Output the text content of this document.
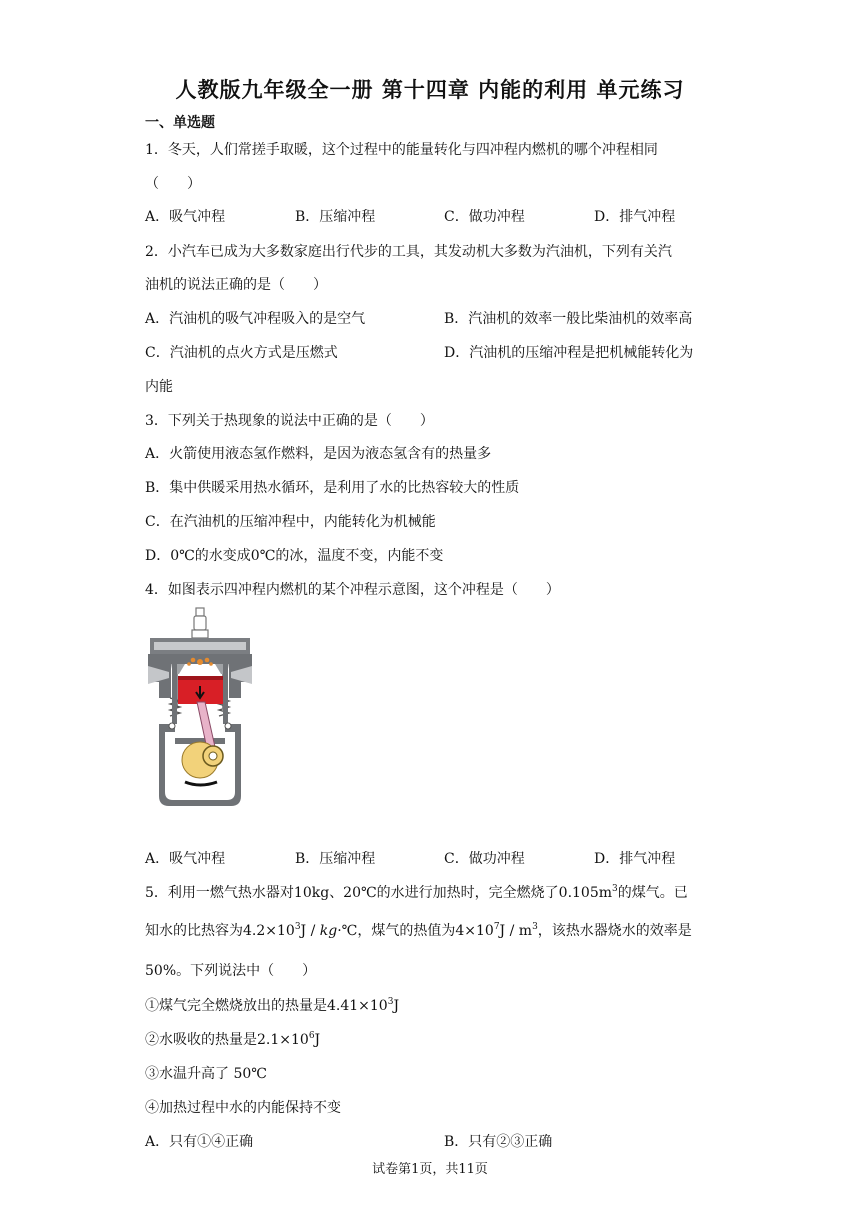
人教版九年级全一册 第十四章 内能的利用 单元练习
一、单选题
1．冬天，人们常搓手取暖，这个过程中的能量转化与四冲程内燃机的哪个冲程相同
（　　）
A．吸气冲程	B．压缩冲程	C．做功冲程	D．排气冲程
2．小汽车已成为大多数家庭出行代步的工具，其发动机大多数为汽油机，下列有关汽
油机的说法正确的是（　　）
A．汽油机的吸气冲程吸入的是空气	B．汽油机的效率一般比柴油机的效率高
C．汽油机的点火方式是压燃式	D．汽油机的压缩冲程是把机械能转化为
内能
3．下列关于热现象的说法中正确的是（　　）
A．火箭使用液态氢作燃料，是因为液态氢含有的热量多
B．集中供暖采用热水循环，是利用了水的比热容较大的性质
C．在汽油机的压缩冲程中，内能转化为机械能
D．0℃的水变成0℃的冰，温度不变，内能不变
4．如图表示四冲程内燃机的某个冲程示意图，这个冲程是（　　）
A．吸气冲程	B．压缩冲程	C．做功冲程	D．排气冲程
5．利用一燃气热水器对10kg、20℃的水进行加热时，完全燃烧了$0.105m^3$的煤气。已
知水的比热容为$4.2\times 10^3J$ / kg·℃，煤气的热值为$4\times 10^7J / m^3$，该热水器烧水的效率是
50%。下列说法中（　　）
①煤气完全燃烧放出的热量是$4.41\times 10^3J$
②水吸收的热量是$2.1\times 10^6J$
③水温升高了 50℃
④加热过程中水的内能保持不变
A．只有①④正确	B．只有②③正确
试卷第1页，共11页
